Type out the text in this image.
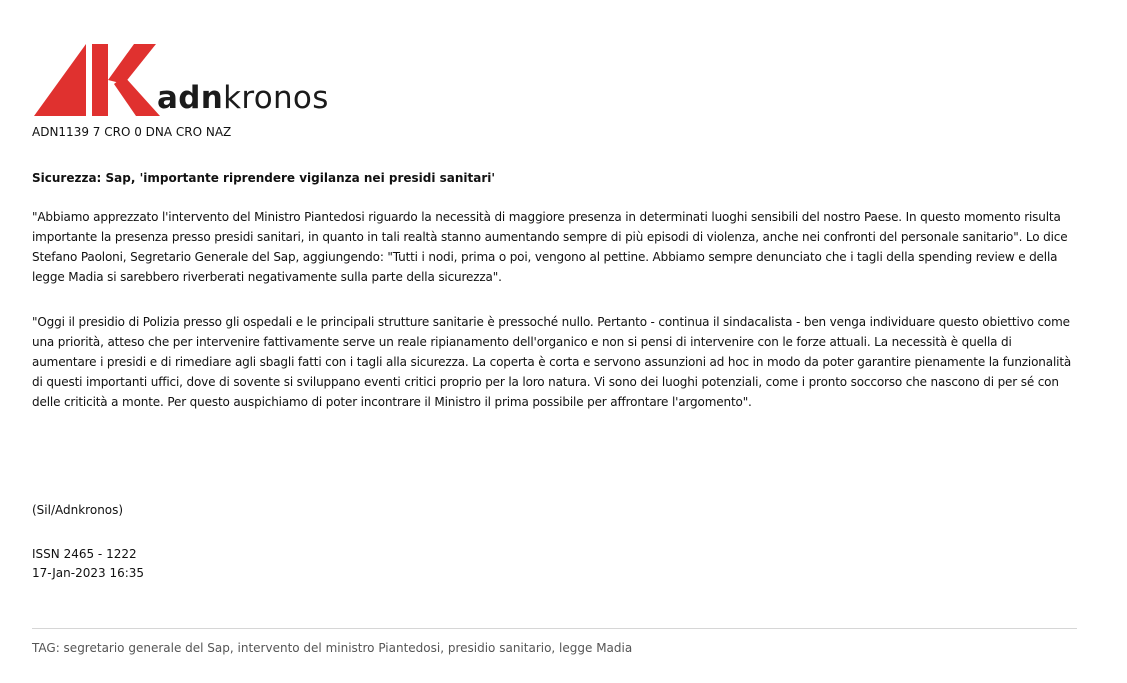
adnkronos
ADN1139 7 CRO 0 DNA CRO NAZ
Sicurezza: Sap, 'importante riprendere vigilanza nei presidi sanitari'

"Abbiamo apprezzato l'intervento del Ministro Piantedosi riguardo la necessità di maggiore presenza in determinati luoghi sensibili del nostro Paese. In questo momento risulta importante la presenza presso presidi sanitari, in quanto in tali realtà stanno aumentando sempre di più episodi di violenza, anche nei confronti del personale sanitario". Lo dice Stefano Paoloni, Segretario Generale del Sap, aggiungendo: "Tutti i nodi, prima o poi, vengono al pettine. Abbiamo sempre denunciato che i tagli della spending review e della legge Madia si sarebbero riverberati negativamente sulla parte della sicurezza".

"Oggi il presidio di Polizia presso gli ospedali e le principali strutture sanitarie è pressoché nullo. Pertanto - continua il sindacalista - ben venga individuare questo obiettivo come una priorità, atteso che per intervenire fattivamente serve un reale ripianamento dell'organico e non si pensi di intervenire con le forze attuali. La necessità è quella di aumentare i presidi e di rimediare agli sbagli fatti con i tagli alla sicurezza. La coperta è corta e servono assunzioni ad hoc in modo da poter garantire pienamente la funzionalità di questi importanti uffici, dove di sovente si sviluppano eventi critici proprio per la loro natura. Vi sono dei luoghi potenziali, come i pronto soccorso che nascono di per sé con delle criticità a monte. Per questo auspichiamo di poter incontrare il Ministro il prima possibile per affrontare l'argomento".

(Sil/Adnkronos)
ISSN 2465 - 1222
17-Jan-2023 16:35
TAG: segretario generale del Sap, intervento del ministro Piantedosi, presidio sanitario, legge Madia
